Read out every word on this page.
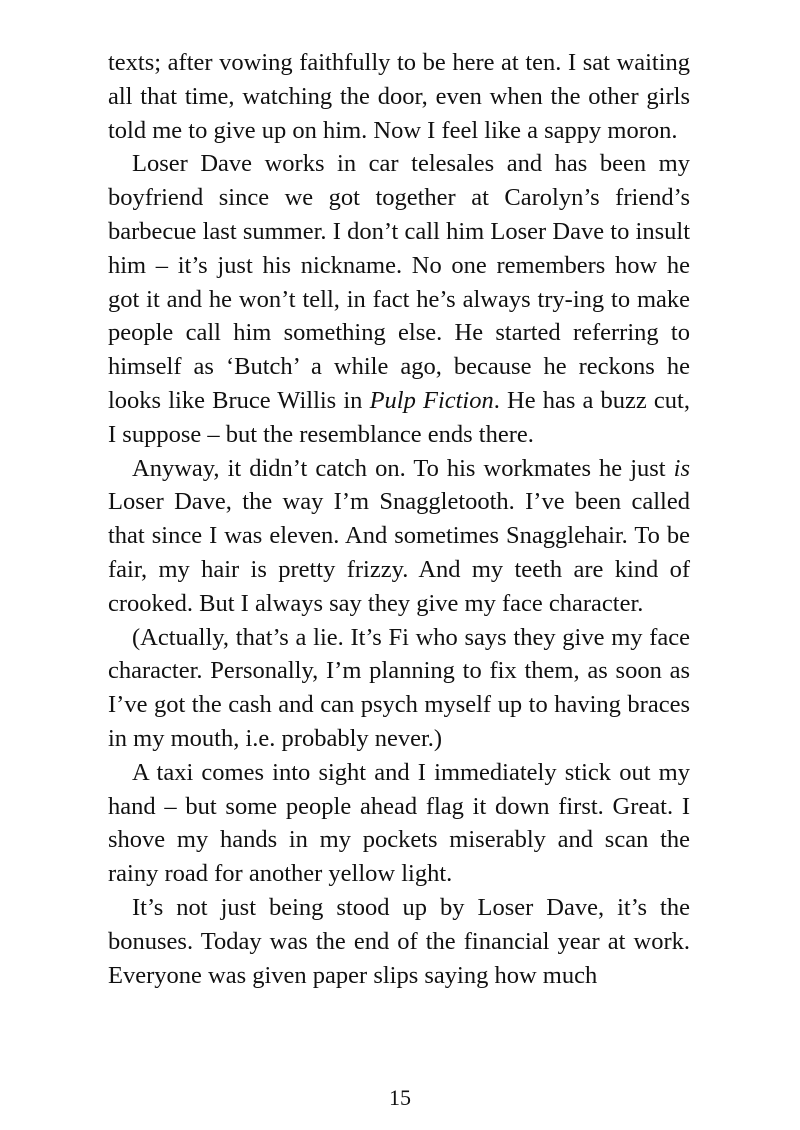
texts; after vowing faithfully to be here at ten. I sat waiting all that time, watching the door, even when the other girls told me to give up on him. Now I feel like a sappy moron.

Loser Dave works in car telesales and has been my boyfriend since we got together at Carolyn’s friend’s barbecue last summer. I don’t call him Loser Dave to insult him – it’s just his nickname. No one remembers how he got it and he won’t tell, in fact he’s always try-ing to make people call him something else. He started referring to himself as ‘Butch’ a while ago, because he reckons he looks like Bruce Willis in Pulp Fiction. He has a buzz cut, I suppose – but the resemblance ends there.

Anyway, it didn’t catch on. To his workmates he just is Loser Dave, the way I’m Snaggletooth. I’ve been called that since I was eleven. And sometimes Snagglehair. To be fair, my hair is pretty frizzy. And my teeth are kind of crooked. But I always say they give my face character.

(Actually, that’s a lie. It’s Fi who says they give my face character. Personally, I’m planning to fix them, as soon as I’ve got the cash and can psych myself up to having braces in my mouth, i.e. probably never.)

A taxi comes into sight and I immediately stick out my hand – but some people ahead flag it down first. Great. I shove my hands in my pockets miserably and scan the rainy road for another yellow light.

It’s not just being stood up by Loser Dave, it’s the bonuses. Today was the end of the financial year at work. Everyone was given paper slips saying how much

15
